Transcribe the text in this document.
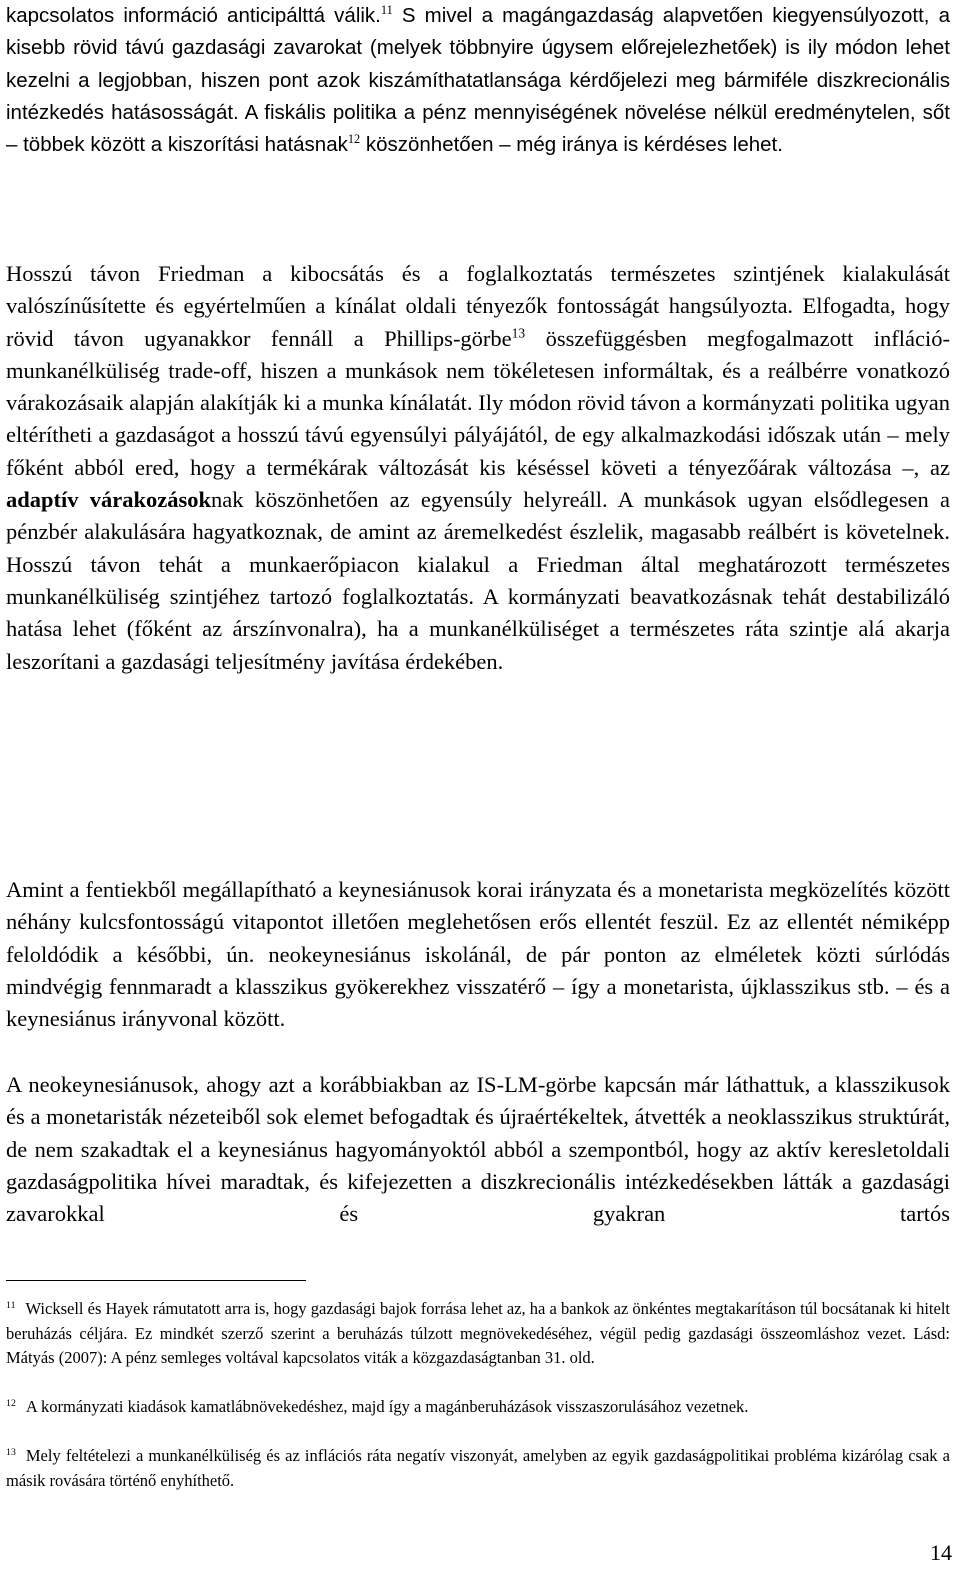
kapcsolatos információ anticipálttá válik.$^{11}$ S mivel a magángazdaság alapvetően kiegyensúlyozott, a kisebb rövid távú gazdasági zavarokat (melyek többnyire úgysem előrejelezhetőek) is ily módon lehet kezelni a legjobban, hiszen pont azok kiszámíthatatlansága kérdőjelezi meg bármiféle diszkrecionális intézkedés hatásosságát. A fiskális politika a pénz mennyiségének növelése nélkül eredménytelen, sőt – többek között a kiszorítási hatásnak$^{12}$ köszönhetően – még iránya is kérdéses lehet.

Hosszú távon Friedman a kibocsátás és a foglalkoztatás természetes szintjének kialakulását valószínűsítette és egyértelműen a kínálat oldali tényezők fontosságát hangsúlyozta. Elfogadta, hogy rövid távon ugyanakkor fennáll a Phillips-görbe$^{13}$ összefüggésben megfogalmazott infláció-munkanélküliség trade-off, hiszen a munkások nem tökéletesen informáltak, és a reálbérre vonatkozó várakozásaik alapján alakítják ki a munka kínálatát. Ily módon rövid távon a kormányzati politika ugyan eltérítheti a gazdaságot a hosszú távú egyensúlyi pályájától, de egy alkalmazkodási időszak után – mely főként abból ered, hogy a termékárak változását kis késéssel követi a tényezőárak változása –, az adaptív várakozásoknak köszönhetően az egyensúly helyreáll. A munkások ugyan elsődlegesen a pénzbér alakulására hagyatkoznak, de amint az áremelkedést észlelik, magasabb reálbért is követelnek. Hosszú távon tehát a munkaerőpiacon kialakul a Friedman által meghatározott természetes munkanélküliség szintjéhez tartozó foglalkoztatás. A kormányzati beavatkozásnak tehát destabilizáló hatása lehet (főként az árszínvonalra), ha a munkanélküliséget a természetes ráta szintje alá akarja leszorítani a gazdasági teljesítmény javítása érdekében.

Amint a fentiekből megállapítható a keynesiánusok korai irányzata és a monetarista megközelítés között néhány kulcsfontosságú vitapontot illetően meglehetősen erős ellentét feszül. Ez az ellentét némiképp feloldódik a későbbi, ún. neokeynesiánus iskolánál, de pár ponton az elméletek közti súrlódás mindvégig fennmaradt a klasszikus gyökerekhez visszatérő – így a monetarista, újklasszikus stb. – és a keynesiánus irányvonal között.

A neokeynesiánusok, ahogy azt a korábbiakban az IS-LM-görbe kapcsán már láthattuk, a klasszikusok és a monetaristák nézeteiből sok elemet befogadtak és újraértékeltek, átvették a neoklasszikus struktúrát, de nem szakadtak el a keynesiánus hagyományoktól abból a szempontból, hogy az aktív keresletoldali gazdaságpolitika hívei maradtak, és kifejezetten a diszkrecionális intézkedésekben látták a gazdasági zavarokkal és gyakran tartós

$^{11}$ Wicksell és Hayek rámutatott arra is, hogy gazdasági bajok forrása lehet az, ha a bankok az önkéntes megtakarításon túl bocsátanak ki hitelt beruházás céljára. Ez mindkét szerző szerint a beruházás túlzott megnövekedéséhez, végül pedig gazdasági összeomláshoz vezet. Lásd: Mátyás (2007): A pénz semleges voltával kapcsolatos viták a közgazdaságtanban 31. old.

$^{12}$ A kormányzati kiadások kamatlábnövekedéshez, majd így a magánberuházások visszaszorulásához vezetnek.

$^{13}$ Mely feltételezi a munkanélküliség és az inflációs ráta negatív viszonyát, amelyben az egyik gazdaságpolitikai probléma kizárólag csak a másik rovására történő enyhíthető.

14
